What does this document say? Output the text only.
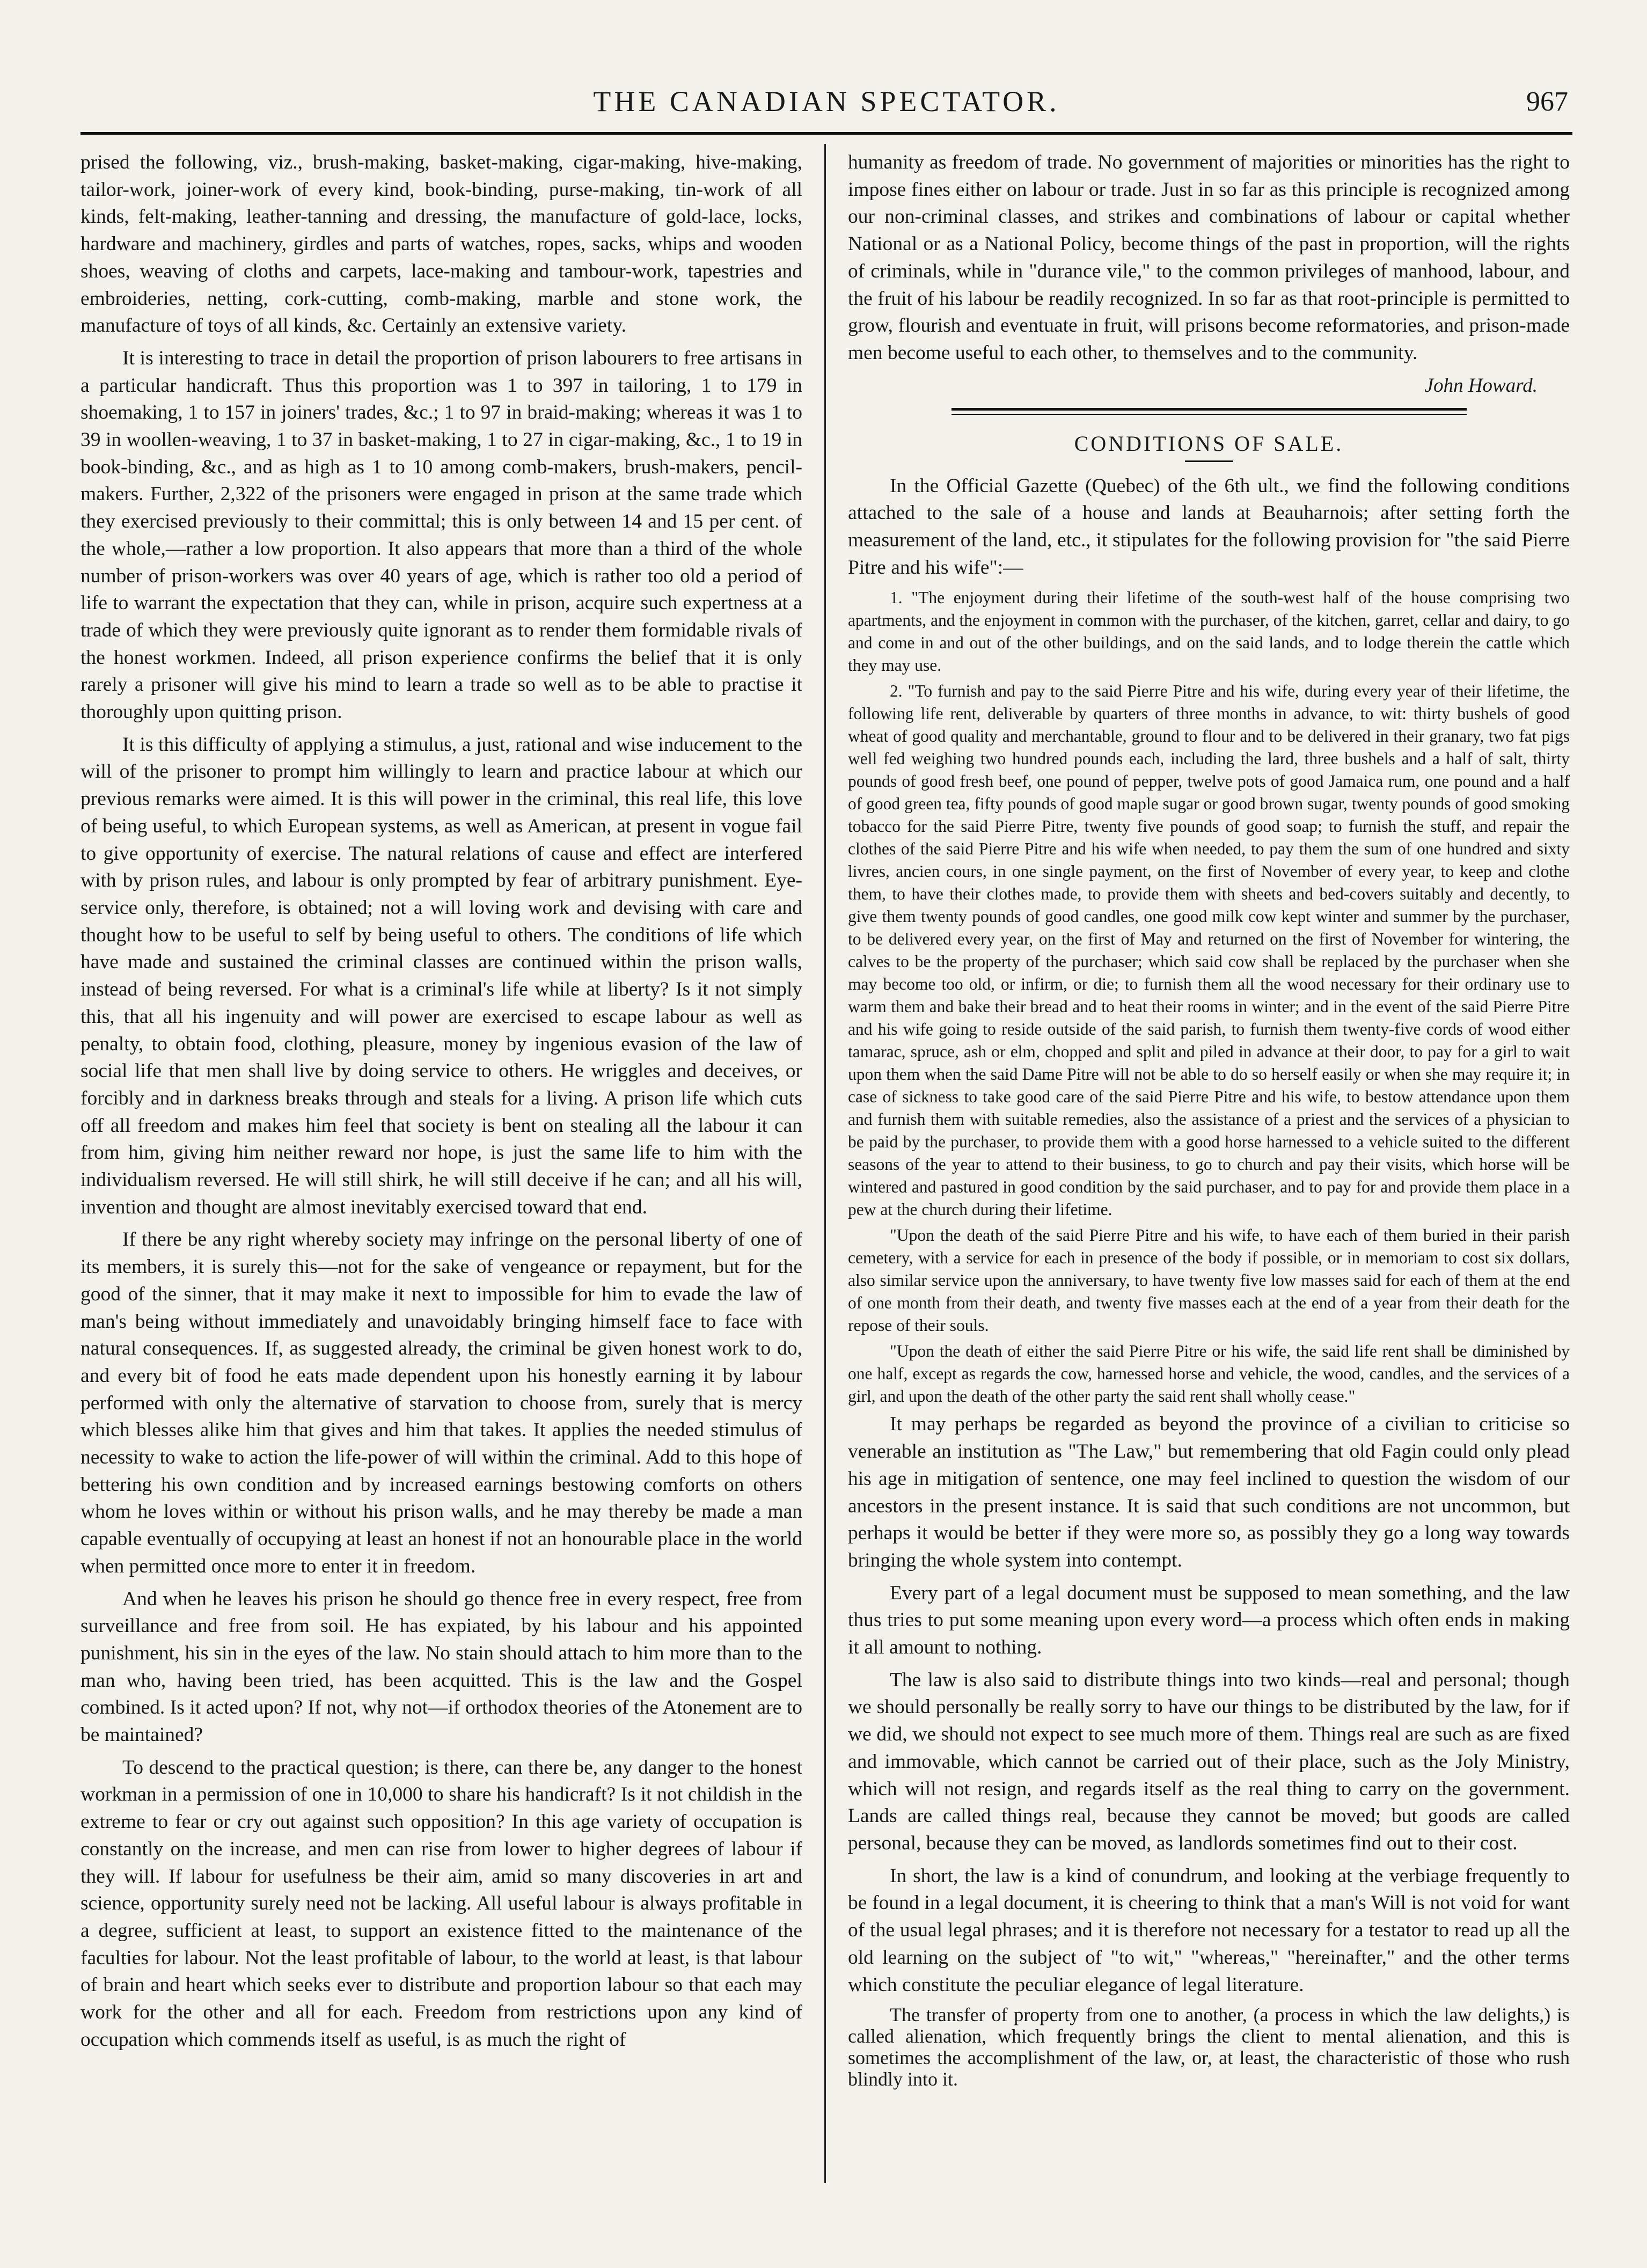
THE CANADIAN SPECTATOR.	967

prised the following, viz., brush-making, basket-making, cigar-making, hive-making, tailor-work, joiner-work of every kind, book-binding, purse-making, tin-work of all kinds, felt-making, leather-tanning and dressing, the manufacture of gold-lace, locks, hardware and machinery, girdles and parts of watches, ropes, sacks, whips and wooden shoes, weaving of cloths and carpets, lace-making and tambour-work, tapestries and embroideries, netting, cork-cutting, comb-making, marble and stone work, the manufacture of toys of all kinds, &c. Certainly an extensive variety.

It is interesting to trace in detail the proportion of prison labourers to free artisans in a particular handicraft. Thus this proportion was 1 to 397 in tailoring, 1 to 179 in shoemaking, 1 to 157 in joiners' trades, &c.; 1 to 97 in braid-making; whereas it was 1 to 39 in woollen-weaving, 1 to 37 in basket-making, 1 to 27 in cigar-making, &c., 1 to 19 in book-binding, &c., and as high as 1 to 10 among comb-makers, brush-makers, pencil-makers. Further, 2,322 of the prisoners were engaged in prison at the same trade which they exercised previously to their committal; this is only between 14 and 15 per cent. of the whole,—rather a low proportion. It also appears that more than a third of the whole number of prison-workers was over 40 years of age, which is rather too old a period of life to warrant the expectation that they can, while in prison, acquire such expertness at a trade of which they were previously quite ignorant as to render them formidable rivals of the honest workmen. Indeed, all prison experience confirms the belief that it is only rarely a prisoner will give his mind to learn a trade so well as to be able to practise it thoroughly upon quitting prison.

It is this difficulty of applying a stimulus, a just, rational and wise inducement to the will of the prisoner to prompt him willingly to learn and practice labour at which our previous remarks were aimed. It is this will power in the criminal, this real life, this love of being useful, to which European systems, as well as American, at present in vogue fail to give opportunity of exercise. The natural relations of cause and effect are interfered with by prison rules, and labour is only prompted by fear of arbitrary punishment. Eye-service only, therefore, is obtained; not a will loving work and devising with care and thought how to be useful to self by being useful to others. The conditions of life which have made and sustained the criminal classes are continued within the prison walls, instead of being reversed. For what is a criminal's life while at liberty? Is it not simply this, that all his ingenuity and will power are exercised to escape labour as well as penalty, to obtain food, clothing, pleasure, money by ingenious evasion of the law of social life that men shall live by doing service to others. He wriggles and deceives, or forcibly and in darkness breaks through and steals for a living. A prison life which cuts off all freedom and makes him feel that society is bent on stealing all the labour it can from him, giving him neither reward nor hope, is just the same life to him with the individualism reversed. He will still shirk, he will still deceive if he can; and all his will, invention and thought are almost inevitably exercised toward that end.

If there be any right whereby society may infringe on the personal liberty of one of its members, it is surely this—not for the sake of vengeance or repayment, but for the good of the sinner, that it may make it next to impossible for him to evade the law of man's being without immediately and unavoidably bringing himself face to face with natural consequences. If, as suggested already, the criminal be given honest work to do, and every bit of food he eats made dependent upon his honestly earning it by labour performed with only the alternative of starvation to choose from, surely that is mercy which blesses alike him that gives and him that takes. It applies the needed stimulus of necessity to wake to action the life-power of will within the criminal. Add to this hope of bettering his own condition and by increased earnings bestowing comforts on others whom he loves within or without his prison walls, and he may thereby be made a man capable eventually of occupying at least an honest if not an honourable place in the world when permitted once more to enter it in freedom.

And when he leaves his prison he should go thence free in every respect, free from surveillance and free from soil. He has expiated, by his labour and his appointed punishment, his sin in the eyes of the law. No stain should attach to him more than to the man who, having been tried, has been acquitted. This is the law and the Gospel combined. Is it acted upon? If not, why not—if orthodox theories of the Atonement are to be maintained?

To descend to the practical question; is there, can there be, any danger to the honest workman in a permission of one in 10,000 to share his handicraft? Is it not childish in the extreme to fear or cry out against such opposition? In this age variety of occupation is constantly on the increase, and men can rise from lower to higher degrees of labour if they will. If labour for usefulness be their aim, amid so many discoveries in art and science, opportunity surely need not be lacking. All useful labour is always profitable in a degree, sufficient at least, to support an existence fitted to the maintenance of the faculties for labour. Not the least profitable of labour, to the world at least, is that labour of brain and heart which seeks ever to distribute and proportion labour so that each may work for the other and all for each. Freedom from restrictions upon any kind of occupation which commends itself as useful, is as much the right of

humanity as freedom of trade. No government of majorities or minorities has the right to impose fines either on labour or trade. Just in so far as this principle is recognized among our non-criminal classes, and strikes and combinations of labour or capital whether National or as a National Policy, become things of the past in proportion, will the rights of criminals, while in "durance vile," to the common privileges of manhood, labour, and the fruit of his labour be readily recognized. In so far as that root-principle is permitted to grow, flourish and eventuate in fruit, will prisons become reformatories, and prison-made men become useful to each other, to themselves and to the community.

John Howard.
CONDITIONS OF SALE.

In the Official Gazette (Quebec) of the 6th ult., we find the following conditions attached to the sale of a house and lands at Beauharnois; after setting forth the measurement of the land, etc., it stipulates for the following provision for "the said Pierre Pitre and his wife":—

1. "The enjoyment during their lifetime of the south-west half of the house comprising two apartments, and the enjoyment in common with the purchaser, of the kitchen, garret, cellar and dairy, to go and come in and out of the other buildings, and on the said lands, and to lodge therein the cattle which they may use.

2. "To furnish and pay to the said Pierre Pitre and his wife, during every year of their lifetime, the following life rent, deliverable by quarters of three months in advance, to wit: thirty bushels of good wheat of good quality and merchantable, ground to flour and to be delivered in their granary, two fat pigs well fed weighing two hundred pounds each, including the lard, three bushels and a half of salt, thirty pounds of good fresh beef, one pound of pepper, twelve pots of good Jamaica rum, one pound and a half of good green tea, fifty pounds of good maple sugar or good brown sugar, twenty pounds of good smoking tobacco for the said Pierre Pitre, twenty five pounds of good soap; to furnish the stuff, and repair the clothes of the said Pierre Pitre and his wife when needed, to pay them the sum of one hundred and sixty livres, ancien cours, in one single payment, on the first of November of every year, to keep and clothe them, to have their clothes made, to provide them with sheets and bed-covers suitably and decently, to give them twenty pounds of good candles, one good milk cow kept winter and summer by the purchaser, to be delivered every year, on the first of May and returned on the first of November for wintering, the calves to be the property of the purchaser; which said cow shall be replaced by the purchaser when she may become too old, or infirm, or die; to furnish them all the wood necessary for their ordinary use to warm them and bake their bread and to heat their rooms in winter; and in the event of the said Pierre Pitre and his wife going to reside outside of the said parish, to furnish them twenty-five cords of wood either tamarac, spruce, ash or elm, chopped and split and piled in advance at their door, to pay for a girl to wait upon them when the said Dame Pitre will not be able to do so herself easily or when she may require it; in case of sickness to take good care of the said Pierre Pitre and his wife, to bestow attendance upon them and furnish them with suitable remedies, also the assistance of a priest and the services of a physician to be paid by the purchaser, to provide them with a good horse harnessed to a vehicle suited to the different seasons of the year to attend to their business, to go to church and pay their visits, which horse will be wintered and pastured in good condition by the said purchaser, and to pay for and provide them place in a pew at the church during their lifetime.

"Upon the death of the said Pierre Pitre and his wife, to have each of them buried in their parish cemetery, with a service for each in presence of the body if possible, or in memoriam to cost six dollars, also similar service upon the anniversary, to have twenty five low masses said for each of them at the end of one month from their death, and twenty five masses each at the end of a year from their death for the repose of their souls.

"Upon the death of either the said Pierre Pitre or his wife, the said life rent shall be diminished by one half, except as regards the cow, harnessed horse and vehicle, the wood, candles, and the services of a girl, and upon the death of the other party the said rent shall wholly cease."

It may perhaps be regarded as beyond the province of a civilian to criticise so venerable an institution as "The Law," but remembering that old Fagin could only plead his age in mitigation of sentence, one may feel inclined to question the wisdom of our ancestors in the present instance. It is said that such conditions are not uncommon, but perhaps it would be better if they were more so, as possibly they go a long way towards bringing the whole system into contempt.

Every part of a legal document must be supposed to mean something, and the law thus tries to put some meaning upon every word—a process which often ends in making it all amount to nothing.

The law is also said to distribute things into two kinds—real and personal; though we should personally be really sorry to have our things to be distributed by the law, for if we did, we should not expect to see much more of them. Things real are such as are fixed and immovable, which cannot be carried out of their place, such as the Joly Ministry, which will not resign, and regards itself as the real thing to carry on the government. Lands are called things real, because they cannot be moved; but goods are called personal, because they can be moved, as landlords sometimes find out to their cost.

In short, the law is a kind of conundrum, and looking at the verbiage frequently to be found in a legal document, it is cheering to think that a man's Will is not void for want of the usual legal phrases; and it is therefore not necessary for a testator to read up all the old learning on the subject of "to wit," "whereas," "hereinafter," and the other terms which constitute the peculiar elegance of legal literature.

The transfer of property from one to another, (a process in which the law delights,) is called alienation, which frequently brings the client to mental alienation, and this is sometimes the accomplishment of the law, or, at least, the characteristic of those who rush blindly into it.
